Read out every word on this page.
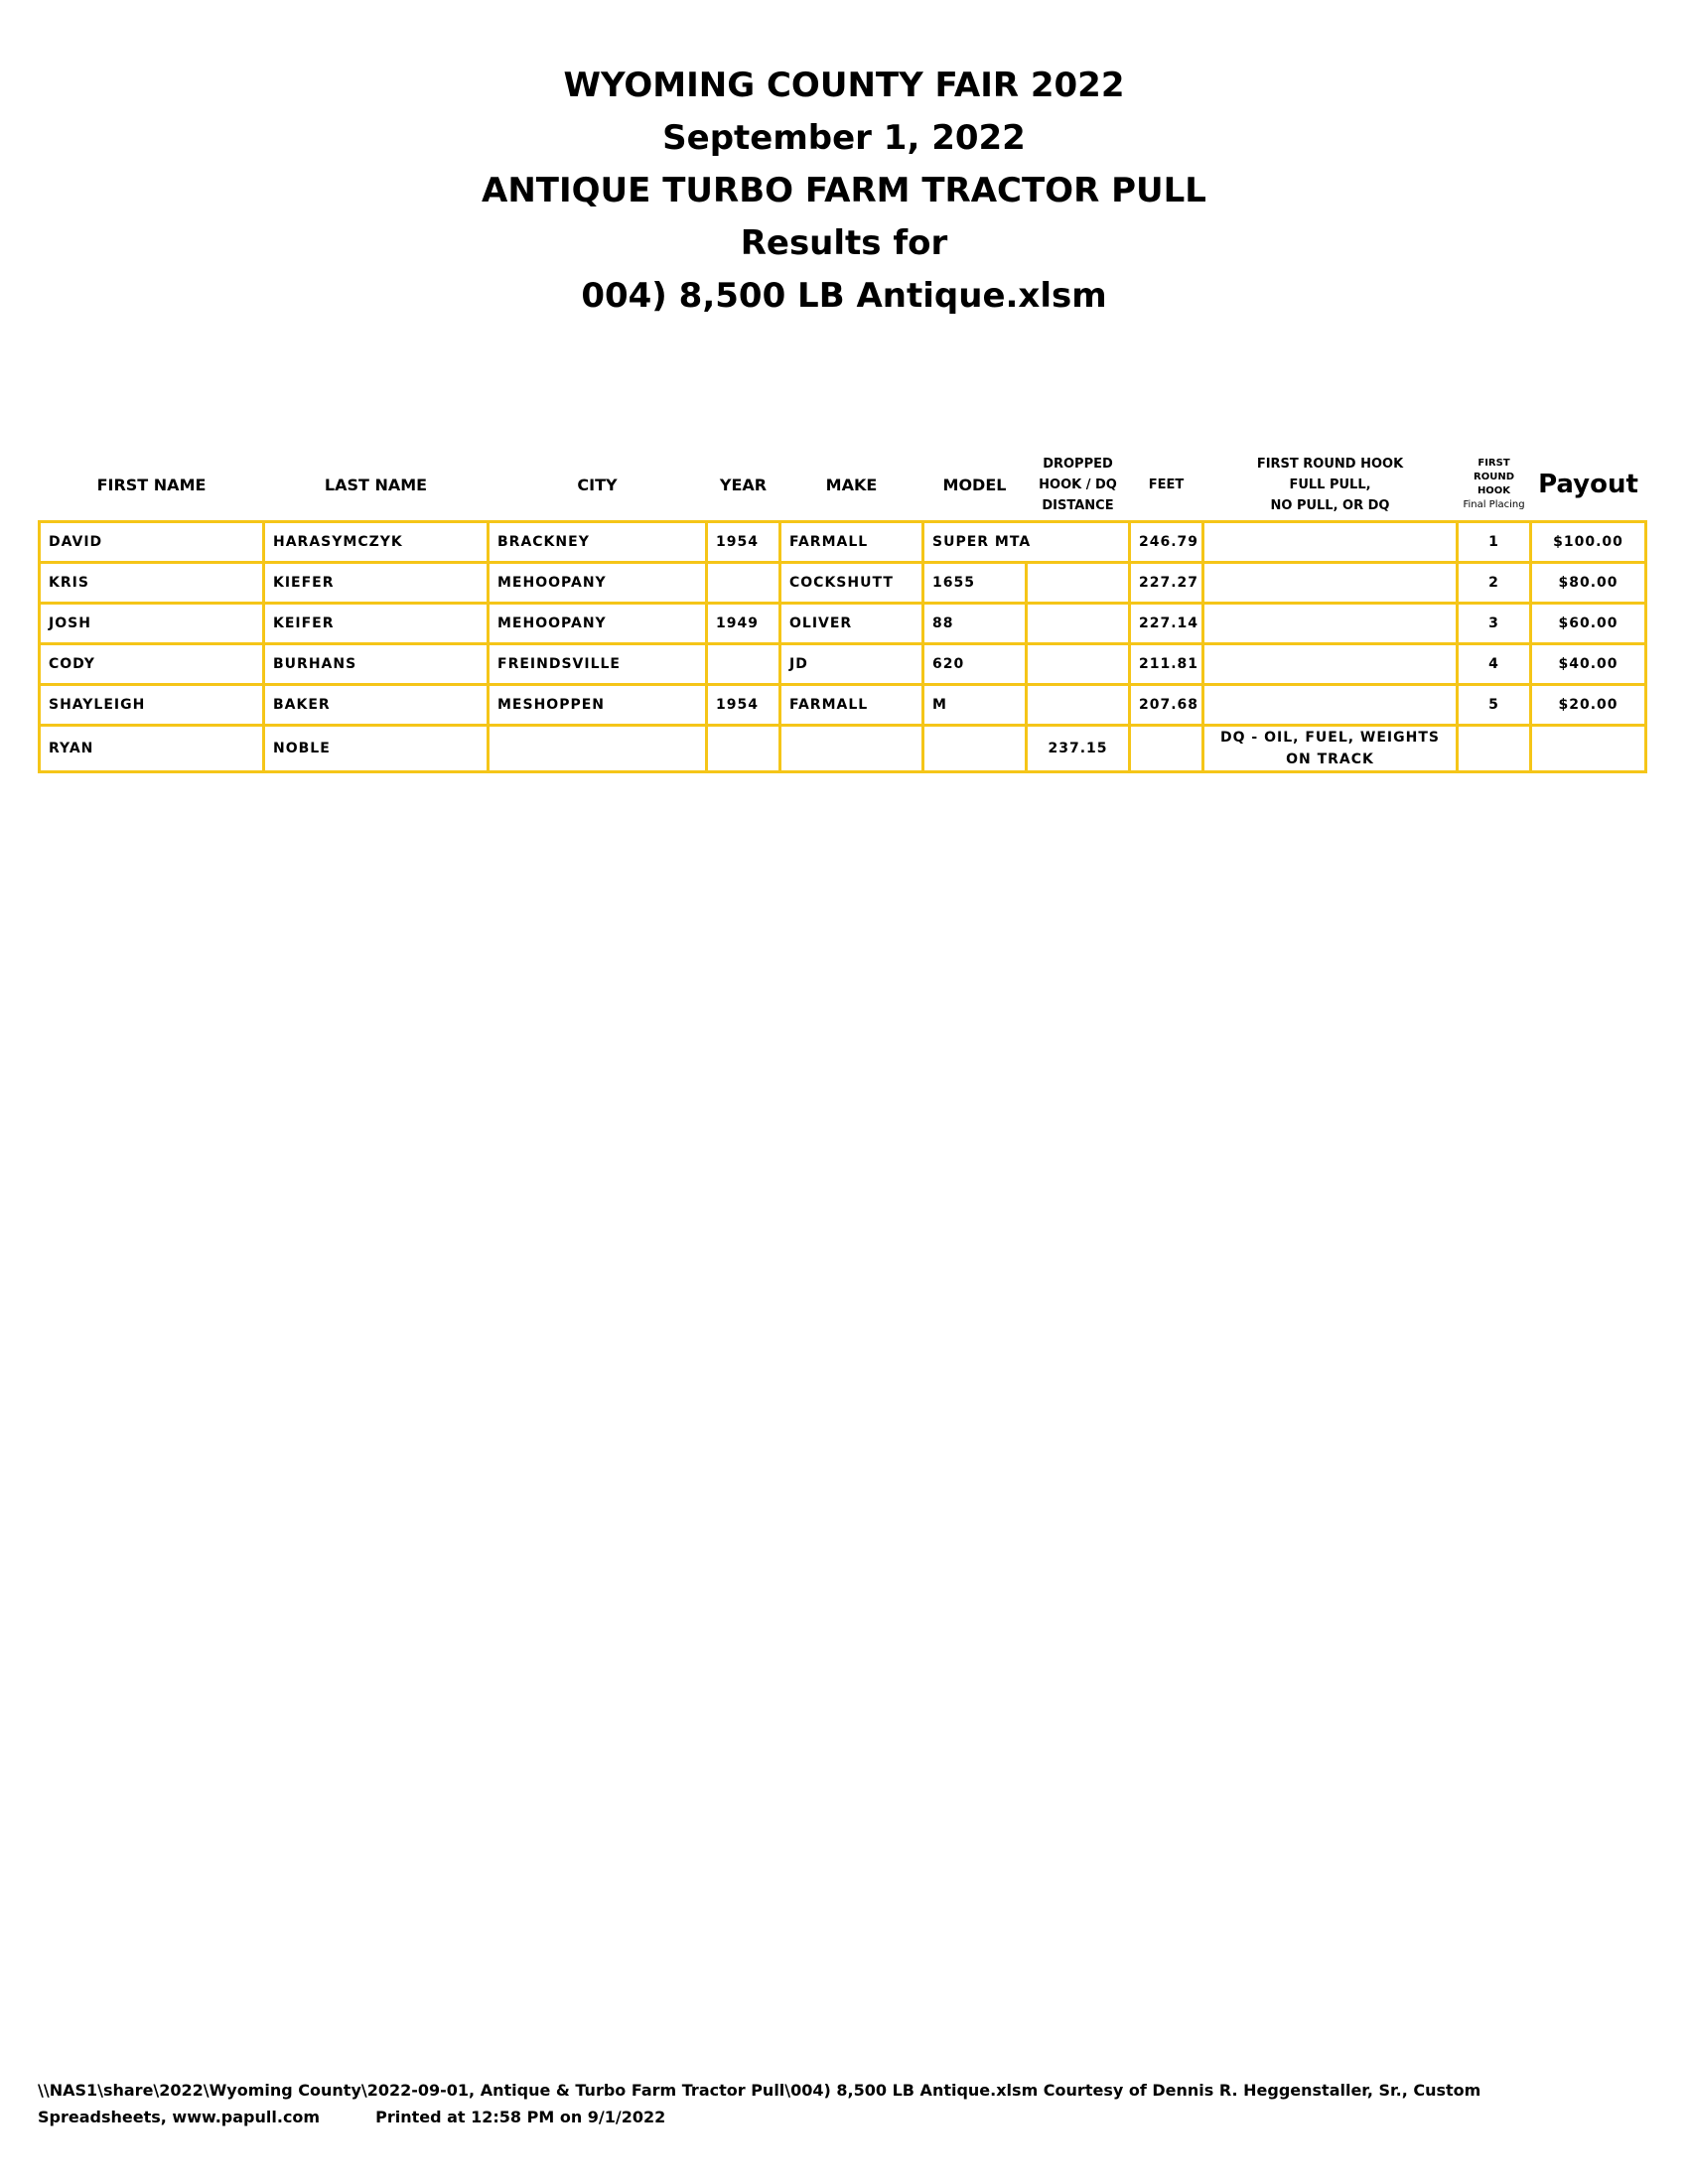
WYOMING COUNTY FAIR 2022
September 1, 2022
ANTIQUE TURBO FARM TRACTOR PULL
Results for
004) 8,500 LB Antique.xlsm
FIRST NAME	LAST NAME	CITY	YEAR	MAKE	MODEL	DROPPED
HOOK / DQ
DISTANCE	FEET	FIRST ROUND HOOK
FULL PULL,
NO PULL, OR DQ	FIRST ROUND
HOOK
Final Placing	Payout
DAVID	HARASYMCZYK	BRACKNEY	1954	FARMALL	SUPER MTA		246.79		1	$100.00
KRIS	KIEFER	MEHOOPANY		COCKSHUTT	1655		227.27		2	$80.00
JOSH	KEIFER	MEHOOPANY	1949	OLIVER	88		227.14		3	$60.00
CODY	BURHANS	FREINDSVILLE		JD	620		211.81		4	$40.00
SHAYLEIGH	BAKER	MESHOPPEN	1954	FARMALL	M		207.68		5	$20.00
RYAN	NOBLE					237.15		DQ - OIL, FUEL, WEIGHTS ON TRACK		
\\NAS1\share\2022\Wyoming County\2022-09-01, Antique & Turbo Farm Tractor Pull\004) 8,500 LB Antique.xlsm Courtesy of Dennis R. Heggenstaller, Sr., Custom
Spreadsheets, www.papull.com	Printed at 12:58 PM on 9/1/2022
